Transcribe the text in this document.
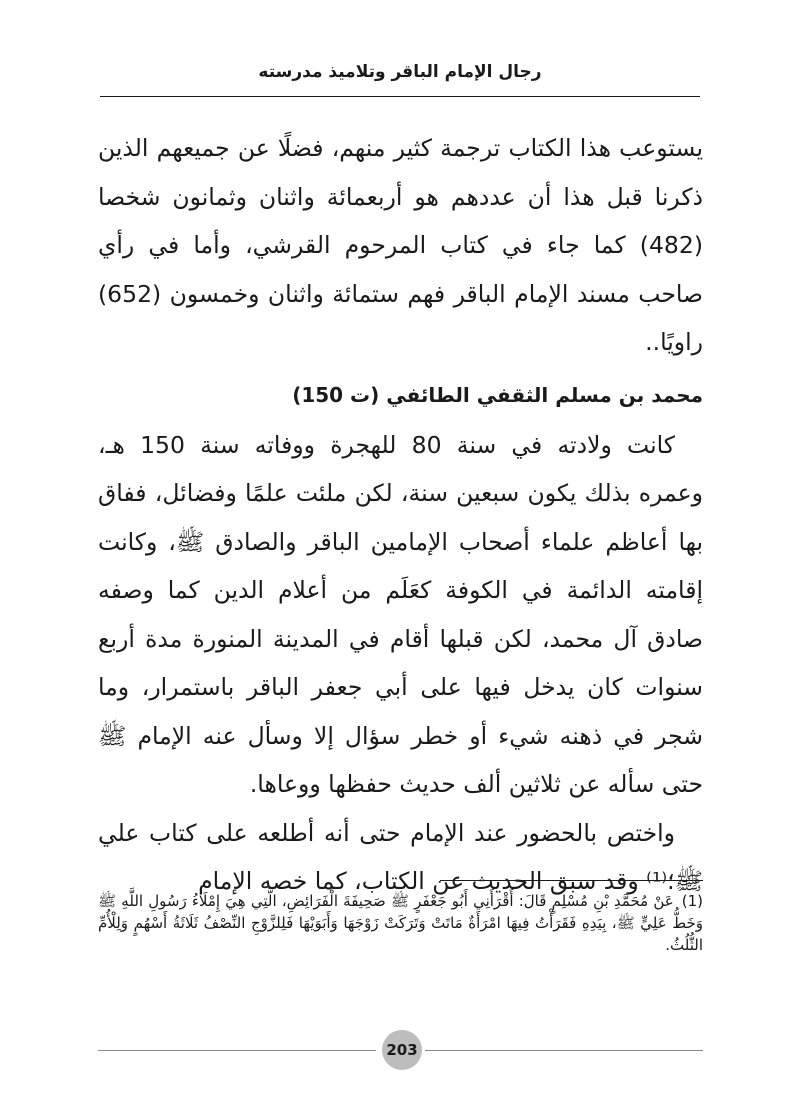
رجال الإمام الباقر وتلاميذ مدرسته

يستوعب هذا الكتاب ترجمة كثير منهم، فضلًا عن جميعهم الذين ذكرنا قبل هذا أن عددهم هو أربعمائة واثنان وثمانون شخصا (482) كما جاء في كتاب المرحوم القرشي، وأما في رأي صاحب مسند الإمام الباقر فهم ستمائة واثنان وخمسون (652) راويًا..

محمد بن مسلم الثقفي الطائفي (ت 150)

كانت ولادته في سنة 80 للهجرة ووفاته سنة 150 هـ، وعمره بذلك يكون سبعين سنة، لكن ملئت علمًا وفضائل، ففاق بها أعاظم علماء أصحاب الإمامين الباقر والصادق ﷺ، وكانت إقامته الدائمة في الكوفة كعَلَم من أعلام الدين كما وصفه صادق آل محمد، لكن قبلها أقام في المدينة المنورة مدة أربع سنوات كان يدخل فيها على أبي جعفر الباقر باستمرار، وما شجر في ذهنه شيء أو خطر سؤال إلا وسأل عنه الإمام ﷺ حتى سأله عن ثلاثين ألف حديث حفظها ووعاها.

واختص بالحضور عند الإمام حتى أنه أطلعه على كتاب علي ﷺ؛⁽¹⁾ وقد سبق الحديث عن الكتاب، كما خصه الإمام

(1)عَنْ مُحَمَّدِ بْنِ مُسْلِمٍ قَالَ: أَقْرَأَنِي أَبُو جَعْفَرٍ ﷺ صَحِيفَةَ الْفَرَائِضِ، الَّتِي هِيَ إِمْلَاءُ رَسُولِ اللَّهِ ﷺ وَخَطُّ عَلِيٍّ ﷺ، بِيَدِهِ فَقَرَأْتُ فِيهَا امْرَأَةٌ مَاتَتْ وَتَرَكَتْ زَوْجَهَا وَأَبَوَيْهَا فَلِلزَّوْجِ النِّصْفُ ثَلَاثَةُ أَسْهُمٍ وَلِلْأُمِّ الثُّلُثُ.
203
